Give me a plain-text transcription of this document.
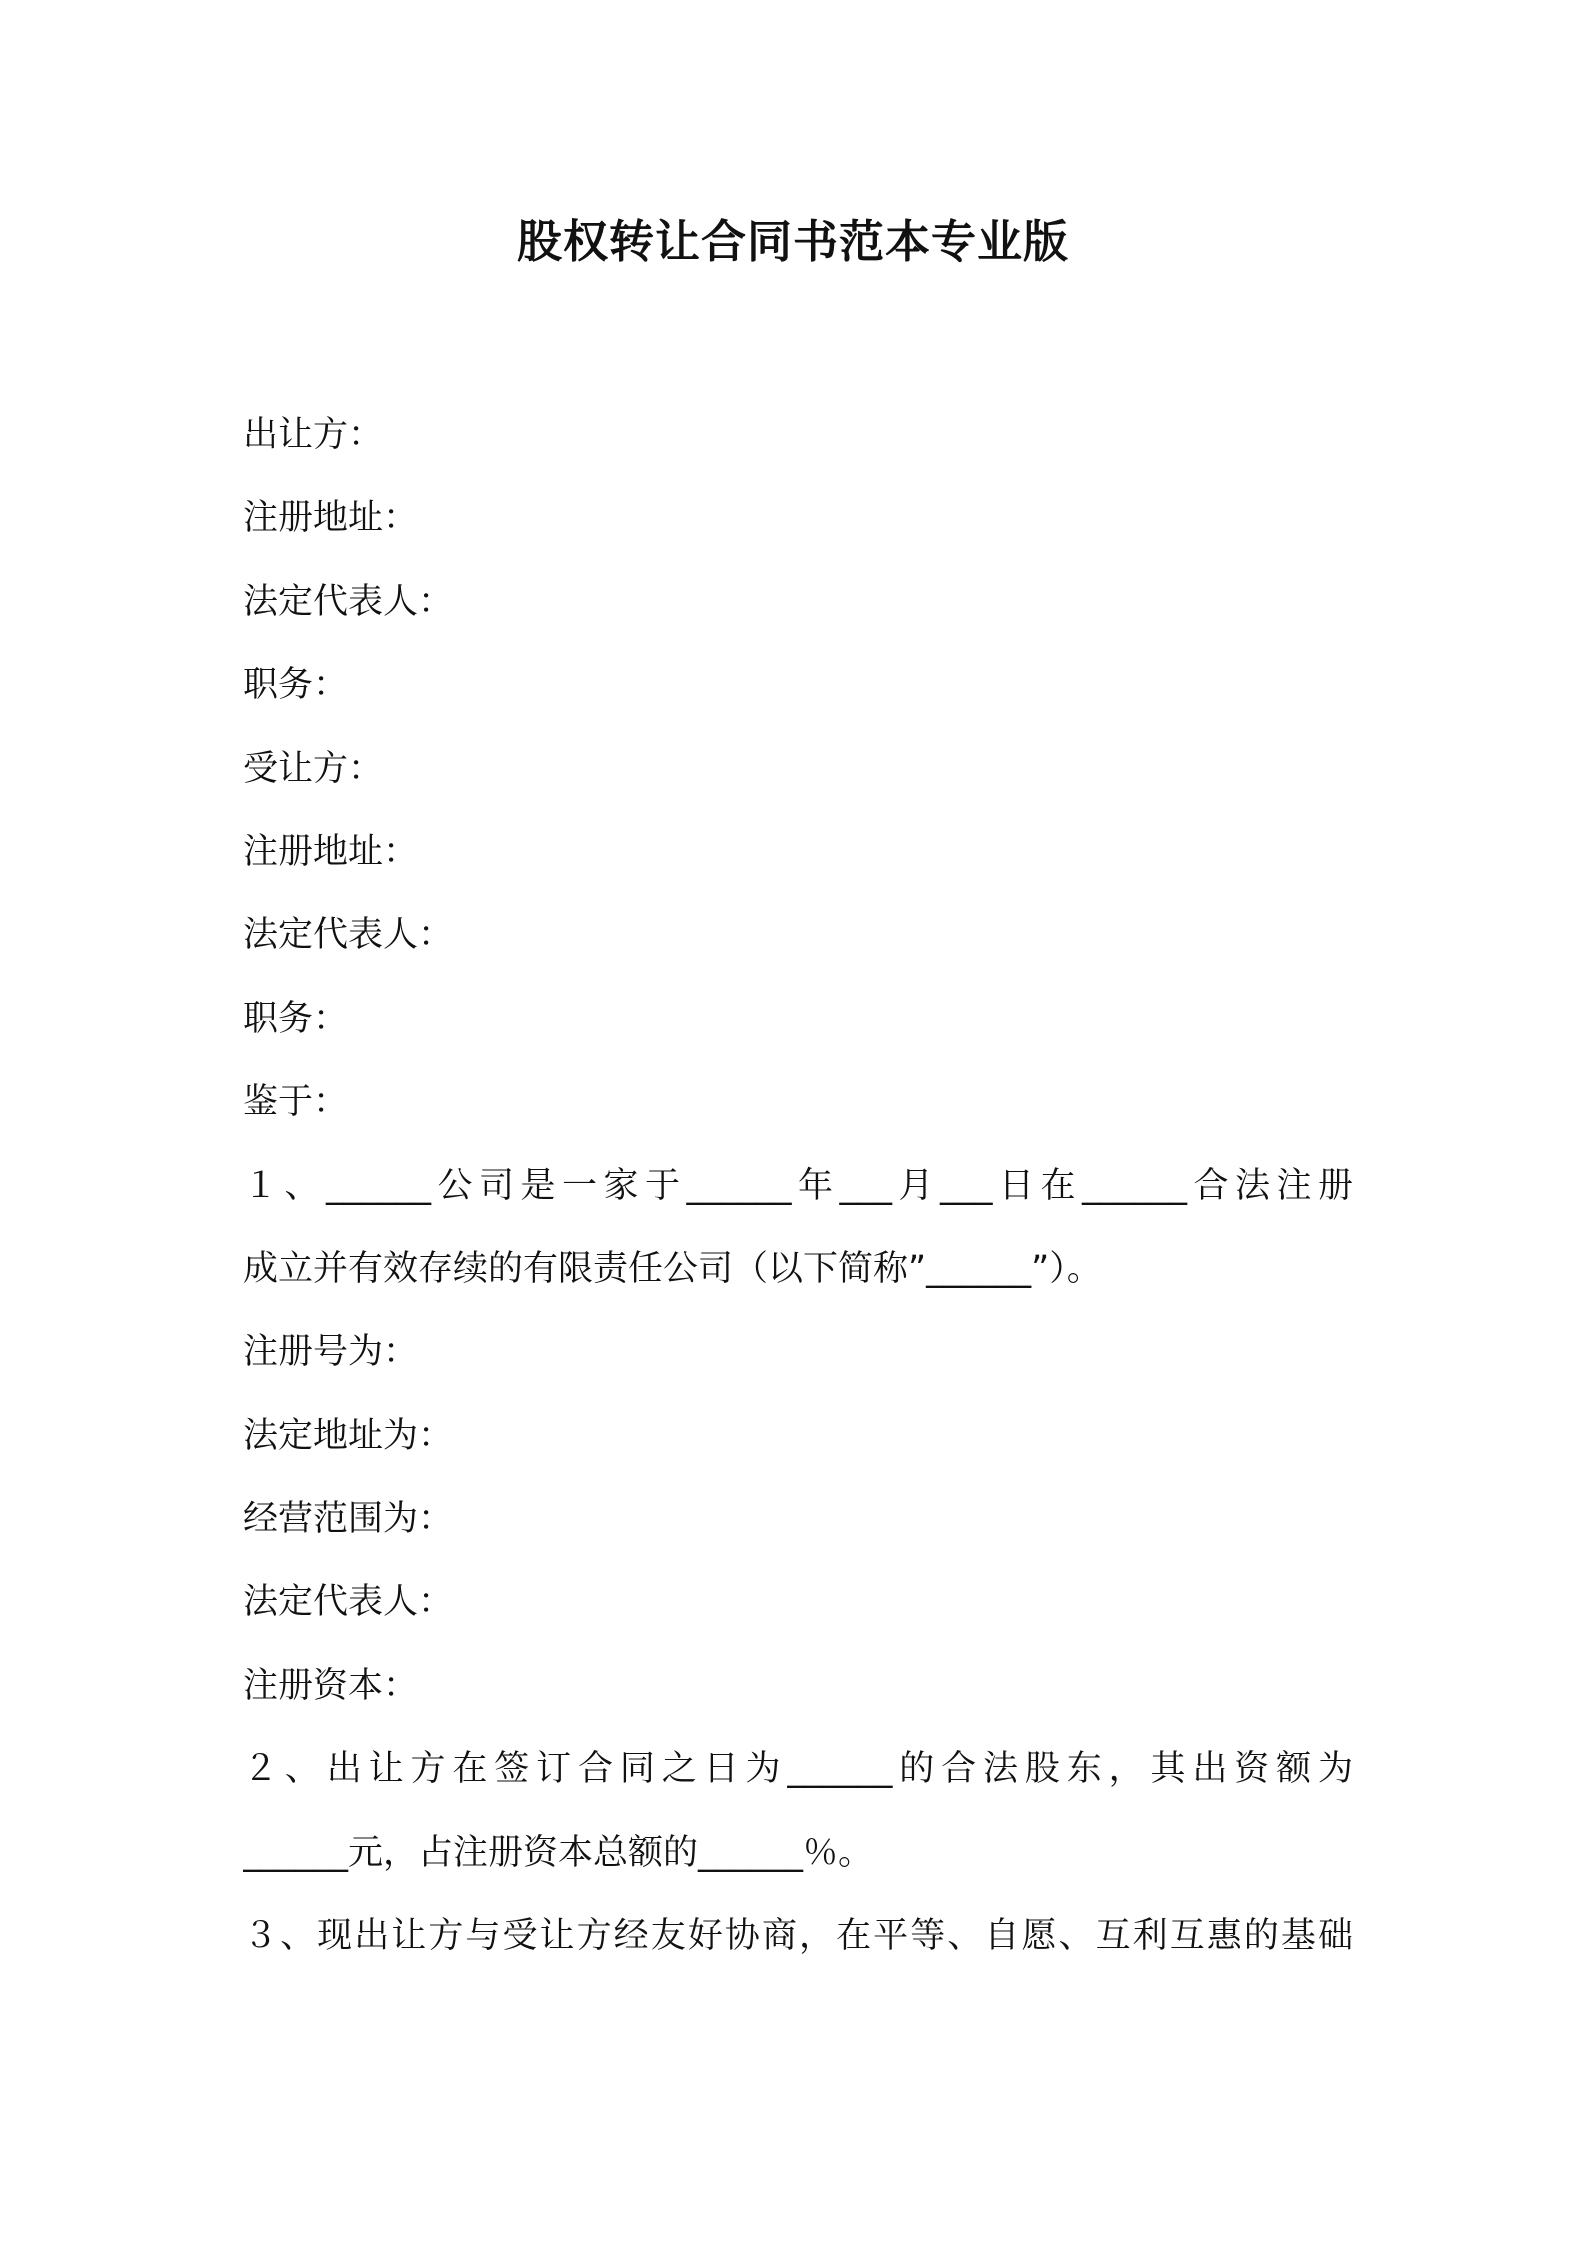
股权转让合同书范本专业版
出让方：
注册地址：
法定代表人：
职务：
受让方：
注册地址：
法定代表人：
职务：
鉴于：
１、______公司是一家于______年___月___日在______合法注册
成立并有效存续的有限责任公司（以下简称”______”）。
注册号为：
法定地址为：
经营范围为：
法定代表人：
注册资本：
２、出让方在签订合同之日为______的合法股东，其出资额为
______元，占注册资本总额的______％。
３、现出让方与受让方经友好协商，在平等、自愿、互利互惠的基础
